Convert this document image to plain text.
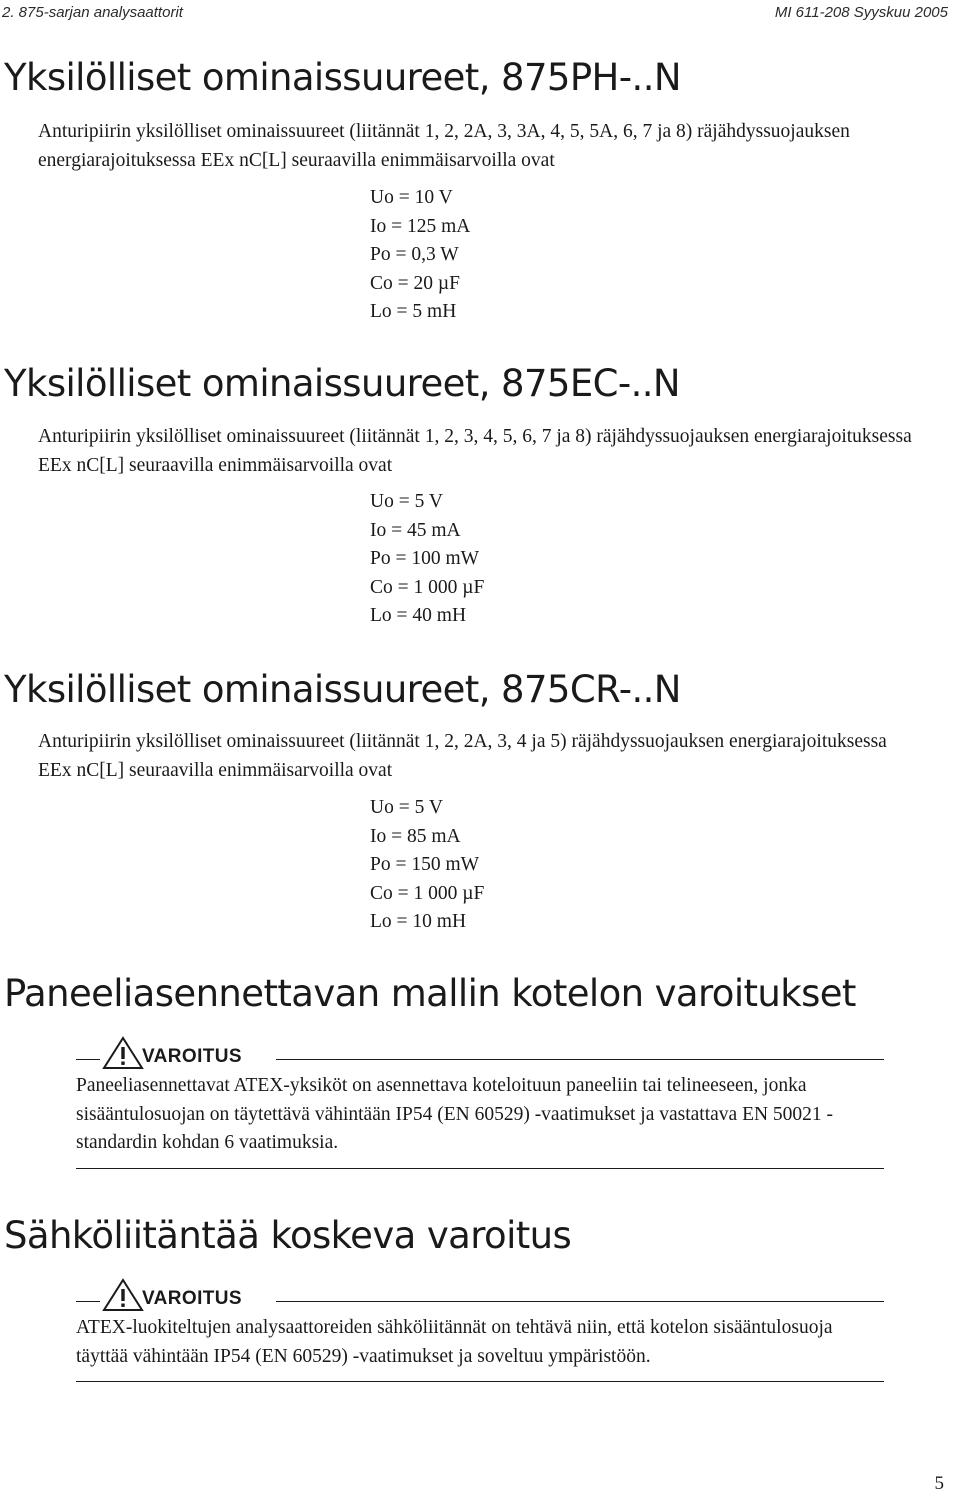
2. 875-sarjan analysaattorit	MI 611-208 Syyskuu 2005
Yksilölliset ominaissuureet, 875PH-..N

Anturipiirin yksilölliset ominaissuureet (liitännät 1, 2, 2A, 3, 3A, 4, 5, 5A, 6, 7 ja 8) räjähdyssuojauksen energiarajoituksessa EEx nC[L] seuraavilla enimmäisarvoilla ovat

Uo = 10 V
Io = 125 mA
Po = 0,3 W
Co = 20 µF
Lo = 5 mH
Yksilölliset ominaissuureet, 875EC-..N

Anturipiirin yksilölliset ominaissuureet (liitännät 1, 2, 3, 4, 5, 6, 7 ja 8) räjähdyssuojauksen energiarajoituksessa EEx nC[L] seuraavilla enimmäisarvoilla ovat

Uo = 5 V
Io = 45 mA
Po = 100 mW
Co = 1 000 µF
Lo = 40 mH
Yksilölliset ominaissuureet, 875CR-..N

Anturipiirin yksilölliset ominaissuureet (liitännät 1, 2, 2A, 3, 4 ja 5) räjähdyssuojauksen energiarajoituksessa EEx nC[L] seuraavilla enimmäisarvoilla ovat

Uo = 5 V
Io = 85 mA
Po = 150 mW
Co = 1 000 µF
Lo = 10 mH
Paneeliasennettavan mallin kotelon varoitukset
VAROITUS

Paneeliasennettavat ATEX-yksiköt on asennettava koteloituun paneeliin tai telineeseen, jonka sisääntulosuojan on täytettävä vähintään IP54 (EN 60529) -vaatimukset ja vastattava EN 50021 -standardin kohdan 6 vaatimuksia.

Sähköliitäntää koskeva varoitus
VAROITUS

ATEX-luokiteltujen analysaattoreiden sähköliitännät on tehtävä niin, että kotelon sisääntulosuoja täyttää vähintään IP54 (EN 60529) -vaatimukset ja soveltuu ympäristöön.

5
